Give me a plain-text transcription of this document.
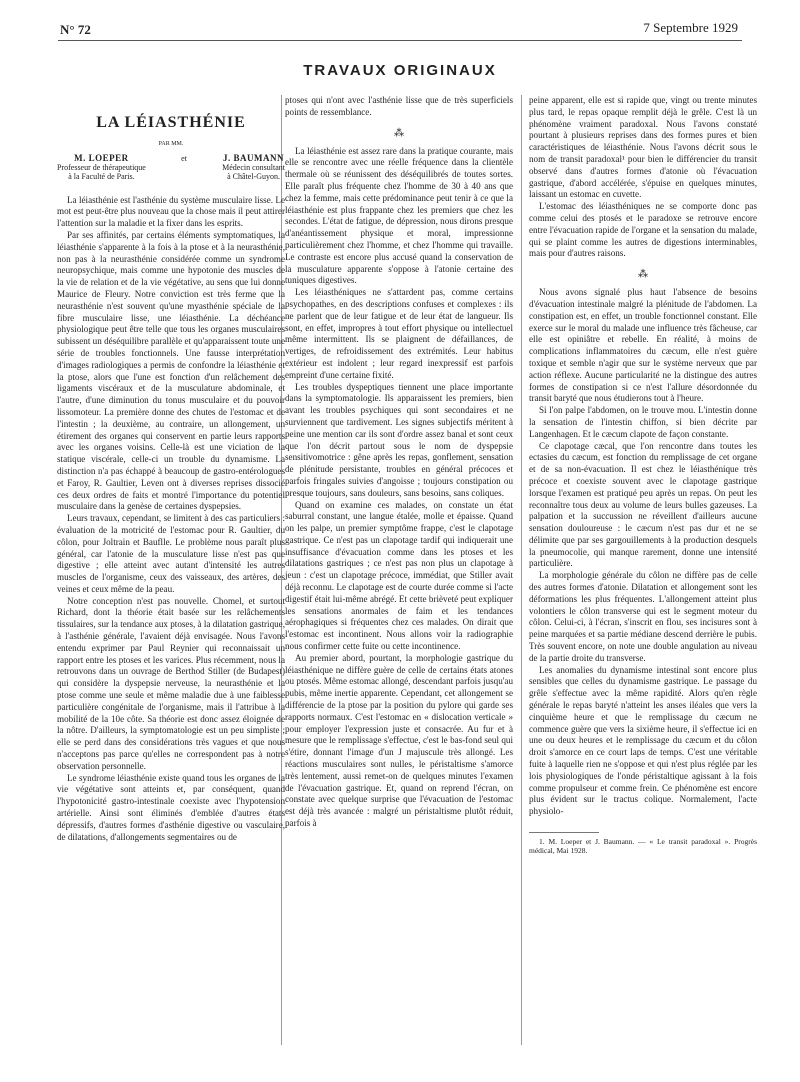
N° 72	7 Septembre 1929
TRAVAUX ORIGINAUX

LA LÉIASTHÉNIE

PAR MM.

M. LOEPER
Professeur de thérapeutique
à la Faculté de Paris.
et	J. BAUMANN
Médecin consultant
à Châtel-Guyon.

La léiasthénie est l'asthénie du système musculaire lisse. Le mot est peut-être plus nouveau que la chose mais il peut attirer l'attention sur la maladie et la fixer dans les esprits.

Par ses affinités, par certains éléments symptomatiques, la léiasthénie s'apparente à la fois à la ptose et à la neurasthénie, non pas à la neurasthénie considérée comme un syndrome neuropsychique, mais comme une hypotonie des muscles de la vie de relation et de la vie végétative, au sens que lui donne Maurice de Fleury. Notre conviction est très ferme que la neurasthénie n'est souvent qu'une myasthénie spéciale de la fibre musculaire lisse, une léiasthénie. La déchéance physiologique peut être telle que tous les organes musculaires subissent un déséquilibre parallèle et qu'apparaissent toute une série de troubles fonctionnels. Une fausse interprétation d'images radiologiques a permis de confondre la léiasthénie et la ptose, alors que l'une est fonction d'un relâchement des ligaments viscéraux et de la musculature abdominale, et l'autre, d'une diminution du tonus musculaire et du pouvoir lissomoteur. La première donne des chutes de l'estomac et de l'intestin ; la deuxième, au contraire, un allongement, un étirement des organes qui conservent en partie leurs rapports avec les organes voisins. Celle-là est une viciation de la statique viscérale, celle-ci un trouble du dynamisme. La distinction n'a pas échappé à beaucoup de gastro-entérologues et Faroy, R. Gaultier, Leven ont à diverses reprises dissocié ces deux ordres de faits et montré l'importance du potentiel musculaire dans la genèse de certaines dyspepsies.

Leurs travaux, cependant, se limitent à des cas particuliers : évaluation de la motricité de l'estomac pour R. Gaultier, du côlon, pour Joltrain et Bauflle. Le problème nous paraît plus général, car l'atonie de la musculature lisse n'est pas que digestive ; elle atteint avec autant d'intensité les autres muscles de l'organisme, ceux des vaisseaux, des artères, des veines et ceux même de la peau.

Notre conception n'est pas nouvelle. Chomel, et surtout Richard, dont la théorie était basée sur les relâchements tissulaires, sur la tendance aux ptoses, à la dilatation gastrique, à l'asthénie générale, l'avaient déjà envisagée. Nous l'avons entendu exprimer par Paul Reynier qui reconnaissait un rapport entre les ptoses et les varices. Plus récemment, nous la retrouvons dans un ouvrage de Berthod Stiller (de Budapest) qui considère la dyspepsie nerveuse, la neurasthénie et la ptose comme une seule et même maladie due à une faiblesse particulière congénitale de l'organisme, mais il l'attribue à la mobilité de la 10e côte. Sa théorie est donc assez éloignée de la nôtre. D'ailleurs, la symptomatologie est un peu simpliste ; elle se perd dans des considérations très vagues et que nous n'acceptons pas parce qu'elles ne correspondent pas à notre observation personnelle.

Le syndrome léiasthénie existe quand tous les organes de la vie végétative sont atteints et, par conséquent, quand l'hypotonicité gastro-intestinale coexiste avec l'hypotension artérielle. Ainsi sont éliminés d'emblée d'autres états dépressifs, d'autres formes d'asthénie digestive ou vasculaire, de dilatations, d'allongements segmentaires ou de

ptoses qui n'ont avec l'asthénie lisse que de très superficiels points de ressemblance.

⁂

La léiasthénie est assez rare dans la pratique courante, mais elle se rencontre avec une réelle fréquence dans la clientèle thermale où se réunissent des déséquilibrés de toutes sortes. Elle paraît plus fréquente chez l'homme de 30 à 40 ans que chez la femme, mais cette prédominance peut tenir à ce que la léiasthénie est plus frappante chez les premiers que chez les secondes. L'état de fatigue, de dépression, nous dirons presque d'anéantissement physique et moral, impressionne particulièrement chez l'homme, et chez l'homme qui travaille. Le contraste est encore plus accusé quand la conservation de la musculature apparente s'oppose à l'atonie certaine des tuniques digestives.

Les léiasthéniques ne s'attardent pas, comme certains psychopathes, en des descriptions confuses et complexes : ils ne parlent que de leur fatigue et de leur état de langueur. Ils sont, en effet, impropres à tout effort physique ou intellectuel même intermittent. Ils se plaignent de défaillances, de vertiges, de refroidissement des extrémités. Leur habitus extérieur est indolent ; leur regard inexpressif est parfois empreint d'une certaine fixité.

Les troubles dyspeptiques tiennent une place importante dans la symptomatologie. Ils apparaissent les premiers, bien avant les troubles psychiques qui sont secondaires et ne surviennent que tardivement. Les signes subjectifs méritent à peine une mention car ils sont d'ordre assez banal et sont ceux que l'on décrit partout sous le nom de dyspepsie sensitivomotrice : gêne après les repas, gonflement, sensation de plénitude persistante, troubles en général précoces et parfois fringales suivies d'angoisse ; toujours constipation ou presque toujours, sans douleurs, sans besoins, sans coliques.

Quand on examine ces malades, on constate un état saburral constant, une langue étalée, molle et épaisse. Quand on les palpe, un premier symptôme frappe, c'est le clapotage gastrique. Ce n'est pas un clapotage tardif qui indiquerait une insuffisance d'évacuation comme dans les ptoses et les dilatations gastriques ; ce n'est pas non plus un clapotage à jeun : c'est un clapotage précoce, immédiat, que Stiller avait déjà reconnu. Le clapotage est de courte durée comme si l'acte digestif était lui-même abrégé. Et cette brièveté peut expliquer les sensations anormales de faim et les tendances aérophagiques si fréquentes chez ces malades. On dirait que l'estomac est incontinent. Nous allons voir la radiographie nous confirmer cette fuite ou cette incontinence.

Au premier abord, pourtant, la morphologie gastrique du léiasthénique ne diffère guère de celle de certains états atones ou ptosés. Même estomac allongé, descendant parfois jusqu'au pubis, même inertie apparente. Cependant, cet allongement se différencie de la ptose par la position du pylore qui garde ses rapports normaux. C'est l'estomac en « dislocation verticale » pour employer l'expression juste et consacrée. Au fur et à mesure que le remplissage s'effectue, c'est le bas-fond seul qui s'étire, donnant l'image d'un J majuscule très allongé. Les réactions musculaires sont nulles, le péristaltisme s'amorce très lentement, aussi remet-on de quelques minutes l'examen de l'évacuation gastrique. Et, quand on reprend l'écran, on constate avec quelque surprise que l'évacuation de l'estomac est déjà très avancée : malgré un péristaltisme plutôt réduit, parfois à

peine apparent, elle est si rapide que, vingt ou trente minutes plus tard, le repas opaque remplit déjà le grêle. C'est là un phénomène vraiment paradoxal. Nous l'avons constaté pourtant à plusieurs reprises dans des formes pures et bien caractéristiques de léiasthénie. Nous l'avons décrit sous le nom de transit paradoxal¹ pour bien le différencier du transit observé dans d'autres formes d'atonie où l'évacuation gastrique, d'abord accélérée, s'épuise en quelques minutes, laissant un estomac en cuvette.

L'estomac des léiasthéniques ne se comporte donc pas comme celui des ptosés et le paradoxe se retrouve encore entre l'évacuation rapide de l'organe et la sensation du malade, qui se plaint comme les autres de digestions interminables, mais pour d'autres raisons.

⁂

Nous avons signalé plus haut l'absence de besoins d'évacuation intestinale malgré la plénitude de l'abdomen. La constipation est, en effet, un trouble fonctionnel constant. Elle exerce sur le moral du malade une influence très fâcheuse, car elle est opiniâtre et rebelle. En réalité, à moins de complications inflammatoires du cæcum, elle n'est guère toxique et semble n'agir que sur le système nerveux que par action réflexe. Aucune particularité ne la distingue des autres formes de constipation si ce n'est l'allure désordonnée du transit baryté que nous étudierons tout à l'heure.

Si l'on palpe l'abdomen, on le trouve mou. L'intestin donne la sensation de l'intestin chiffon, si bien décrite par Langenhagen. Et le cæcum clapote de façon constante.

Ce clapotage cæcal, que l'on rencontre dans toutes les ectasies du cæcum, est fonction du remplissage de cet organe et de sa non-évacuation. Il est chez le léiasthénique très précoce et coexiste souvent avec le clapotage gastrique lorsque l'examen est pratiqué peu après un repas. On peut les reconnaître tous deux au volume de leurs bulles gazeuses. La palpation et la succussion ne réveillent d'ailleurs aucune sensation douloureuse : le cæcum n'est pas dur et ne se délimite que par ses gargouillements à la production desquels la pneumocolie, qui manque rarement, donne une intensité particulière.

La morphologie générale du côlon ne diffère pas de celle des autres formes d'atonie. Dilatation et allongement sont les déformations les plus fréquentes. L'allongement atteint plus volontiers le côlon transverse qui est le segment moteur du côlon. Celui-ci, à l'écran, s'inscrit en flou, ses incisures sont à peine marquées et sa partie médiane descend derrière le pubis. Très souvent encore, on note une double angulation au niveau de la partie droite du transverse.

Les anomalies du dynamisme intestinal sont encore plus sensibles que celles du dynamisme gastrique. Le passage du grêle s'effectue avec la même rapidité. Alors qu'en règle générale le repas baryté n'atteint les anses iléales que vers la cinquième heure et que le remplissage du cæcum ne commence guère que vers la sixième heure, il s'effectue ici en une ou deux heures et le remplissage du cæcum et du côlon droit s'amorce en ce court laps de temps. C'est une véritable fuite à laquelle rien ne s'oppose et qui n'est plus réglée par les lois physiologiques de l'onde péristaltique agissant à la fois comme propulseur et comme frein. Ce phénomène est encore plus évident sur le tractus colique. Normalement, l'acte physiolo-

1. M. Loeper et J. Baumann. — « Le transit paradoxal ». Progrès médical, Mai 1928.
